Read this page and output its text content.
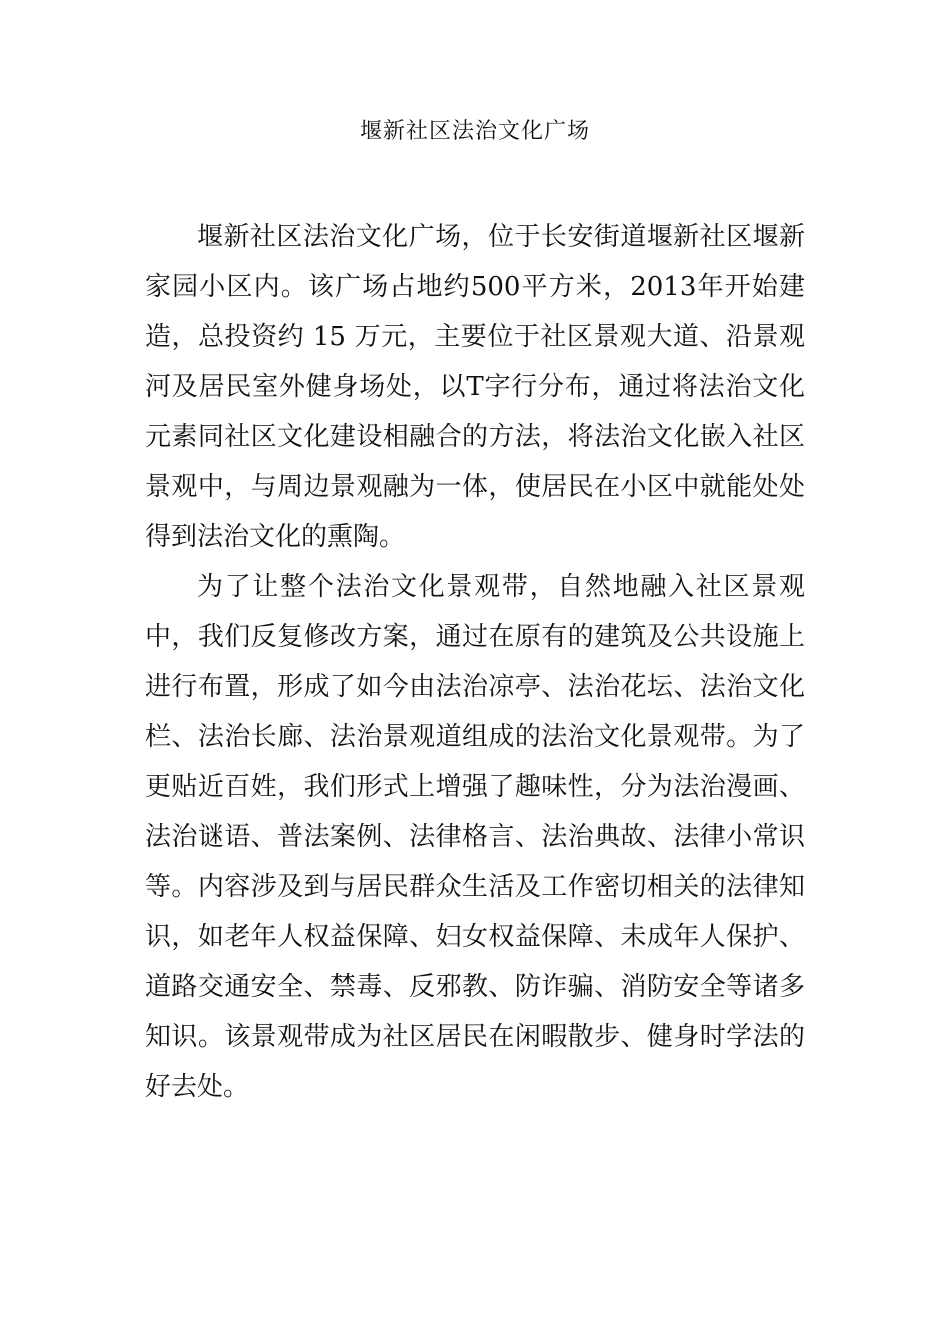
堰新社区法治文化广场

堰新社区法治文化广场，位于长安街道堰新社区堰新家园小区内。该广场占地约500平方米，2013年开始建造，总投资约 15 万元，主要位于社区景观大道、沿景观河及居民室外健身场处，以T字行分布，通过将法治文化元素同社区文化建设相融合的方法，将法治文化嵌入社区景观中，与周边景观融为一体，使居民在小区中就能处处得到法治文化的熏陶。

为了让整个法治文化景观带，自然地融入社区景观中，我们反复修改方案，通过在原有的建筑及公共设施上进行布置，形成了如今由法治凉亭、法治花坛、法治文化栏、法治长廊、法治景观道组成的法治文化景观带。为了更贴近百姓，我们形式上增强了趣味性，分为法治漫画、法治谜语、普法案例、法律格言、法治典故、法律小常识等。内容涉及到与居民群众生活及工作密切相关的法律知识，如老年人权益保障、妇女权益保障、未成年人保护、道路交通安全、禁毒、反邪教、防诈骗、消防安全等诸多知识。该景观带成为社区居民在闲暇散步、健身时学法的好去处。
